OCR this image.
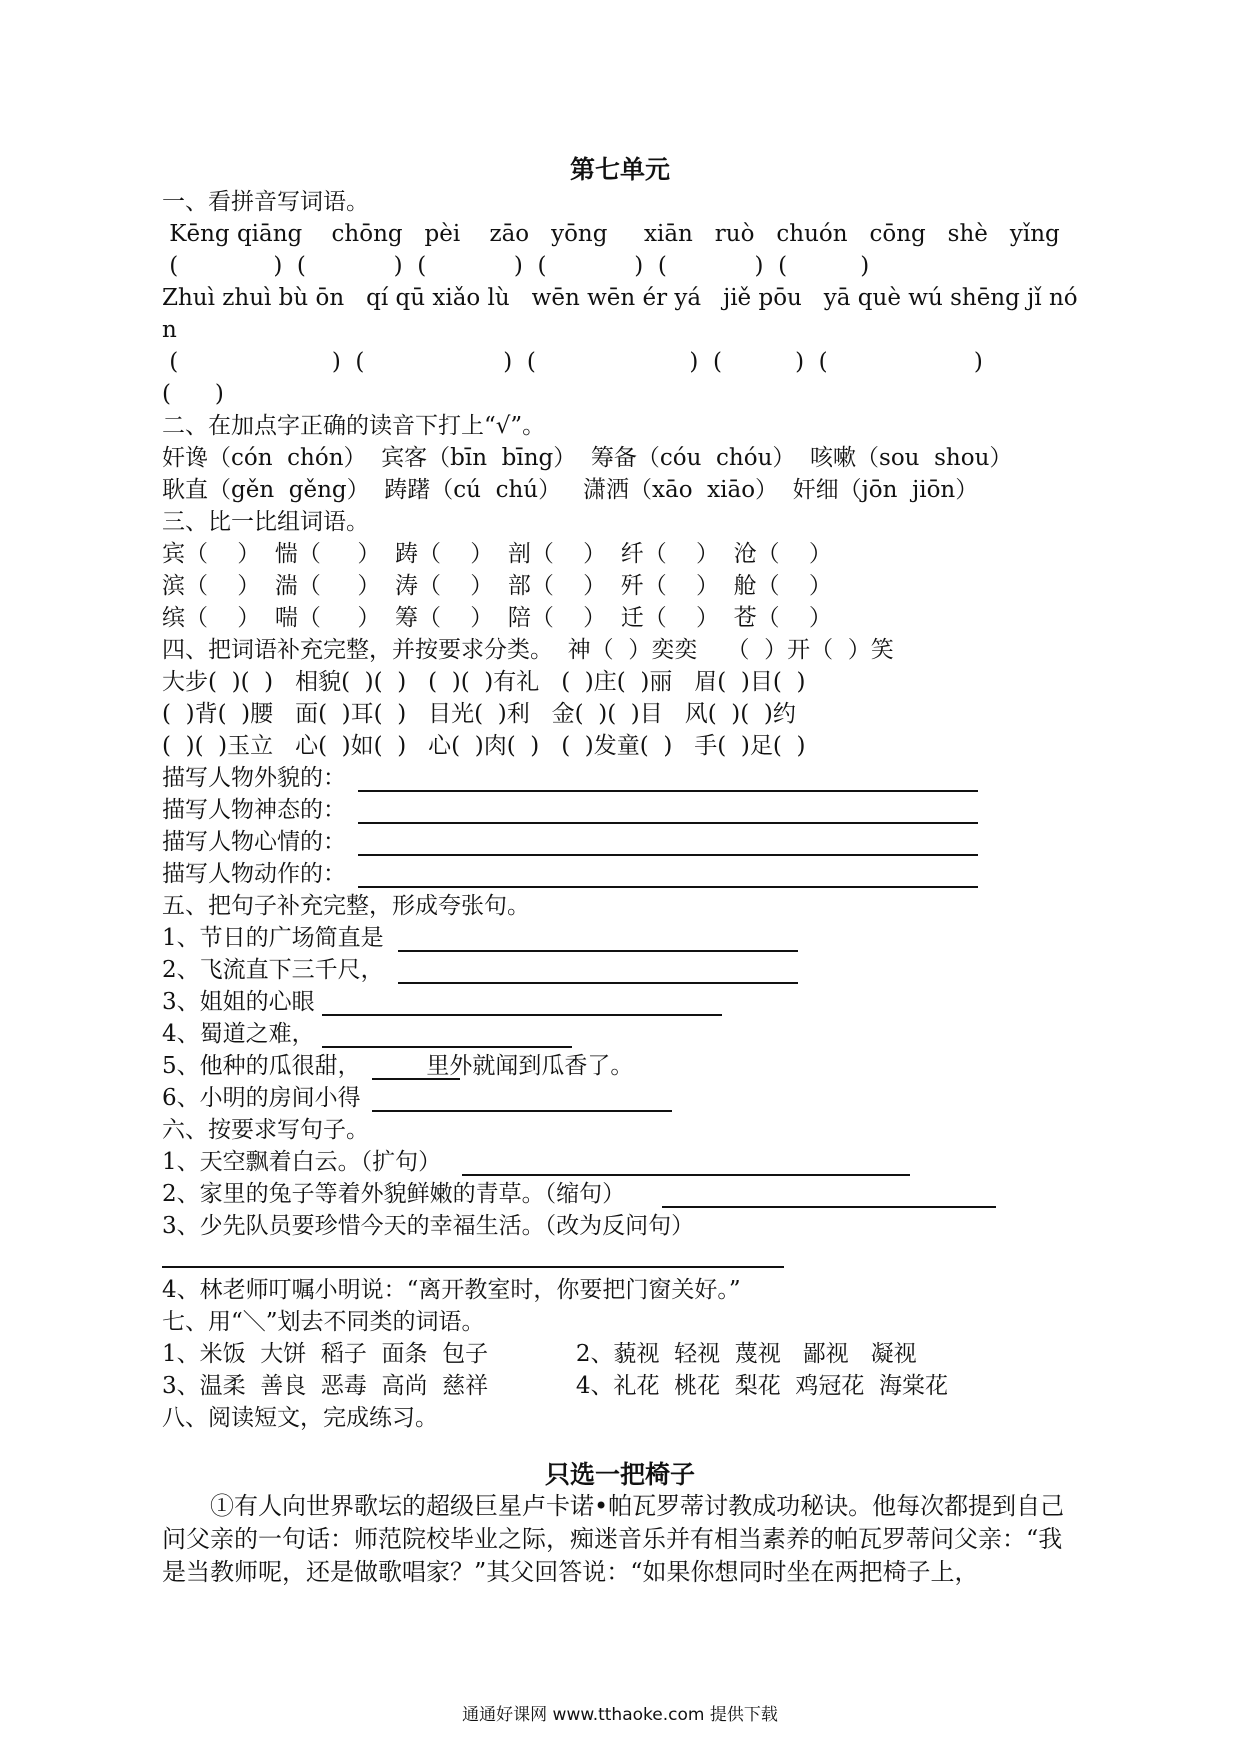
第七单元
一、看拼音写词语。
Kēng qiāng    chōng   pèi    zāo   yōng     xiān   ruò   chuón   cōng   shè   yǐng
(             )  (            )  (            )  (            )  (            )  (          )
Zhuì zhuì bù ōn   qí qū xiǎo lù   wēn wēn ér yá   jiě pōu   yā què wú shēng jǐ nó
n
(                     )  (                   )  (                     )  (          )  (                    )
(      )
二、在加点字正确的读音下打上“√”。
奸谗（cón  chón）  宾客（bīn  bīng）  筹备（cóu  chóu）  咳嗽（sou  shou）
耿直（gěn  gěng）  踌躇（cú  chú）   潇洒（xāo  xiāo）  奸细（jōn  jiōn）
三、比一比组词语。
宾（    ）  惴（     ）  踌（    ）  剖（    ）  纤（    ）  沧（    ）
滨（    ）  湍（     ）  涛（    ）  部（    ）  歼（    ）  舱（    ）
缤（    ）  喘（     ）  筹（    ）  陪（    ）  迁（    ）  苍（    ）
四、把词语补充完整，并按要求分类。  神（  ）奕奕    （  ）开（  ）笑
大步(  )(  )   相貌(  )(  )   (  )(  )有礼   (  )庄(  )丽   眉(  )目(  )
(  )背(  )腰   面(  )耳(  )   目光(  )利   金(  )(  )目   风(  )(  )约
(  )(  )玉立   心(  )如(  )   心(  )肉(  )   (  )发童(  )   手(  )足(  )
描写人物外貌的：
描写人物神态的：
描写人物心情的：
描写人物动作的：
五、把句子补充完整，形成夸张句。
1、节日的广场简直是
2、飞流直下三千尺，
3、姐姐的心眼
4、蜀道之难，
5、他种的瓜很甜，         里外就闻到瓜香了。
6、小明的房间小得
六、按要求写句子。
1、天空飘着白云。（扩句）
2、家里的兔子等着外貌鲜嫩的青草。（缩句）
3、少先队员要珍惜今天的幸福生活。（改为反问句）
4、林老师叮嘱小明说：“离开教室时，你要把门窗关好。”
七、用“＼”划去不同类的词语。
1、米饭  大饼  稻子  面条  包子            2、藐视  轻视  蔑视   鄙视   凝视
3、温柔  善良  恶毒  高尚  慈祥            4、礼花  桃花  梨花  鸡冠花  海棠花
八、阅读短文，完成练习。
只选一把椅子
①有人向世界歌坛的超级巨星卢卡诺•帕瓦罗蒂讨教成功秘诀。他每次都提到自己问父亲的一句话：师范院校毕业之际，痴迷音乐并有相当素养的帕瓦罗蒂问父亲：“我是当教师呢，还是做歌唱家？”其父回答说：“如果你想同时坐在两把椅子上，
通通好课网 www.tthaoke.com 提供下载
